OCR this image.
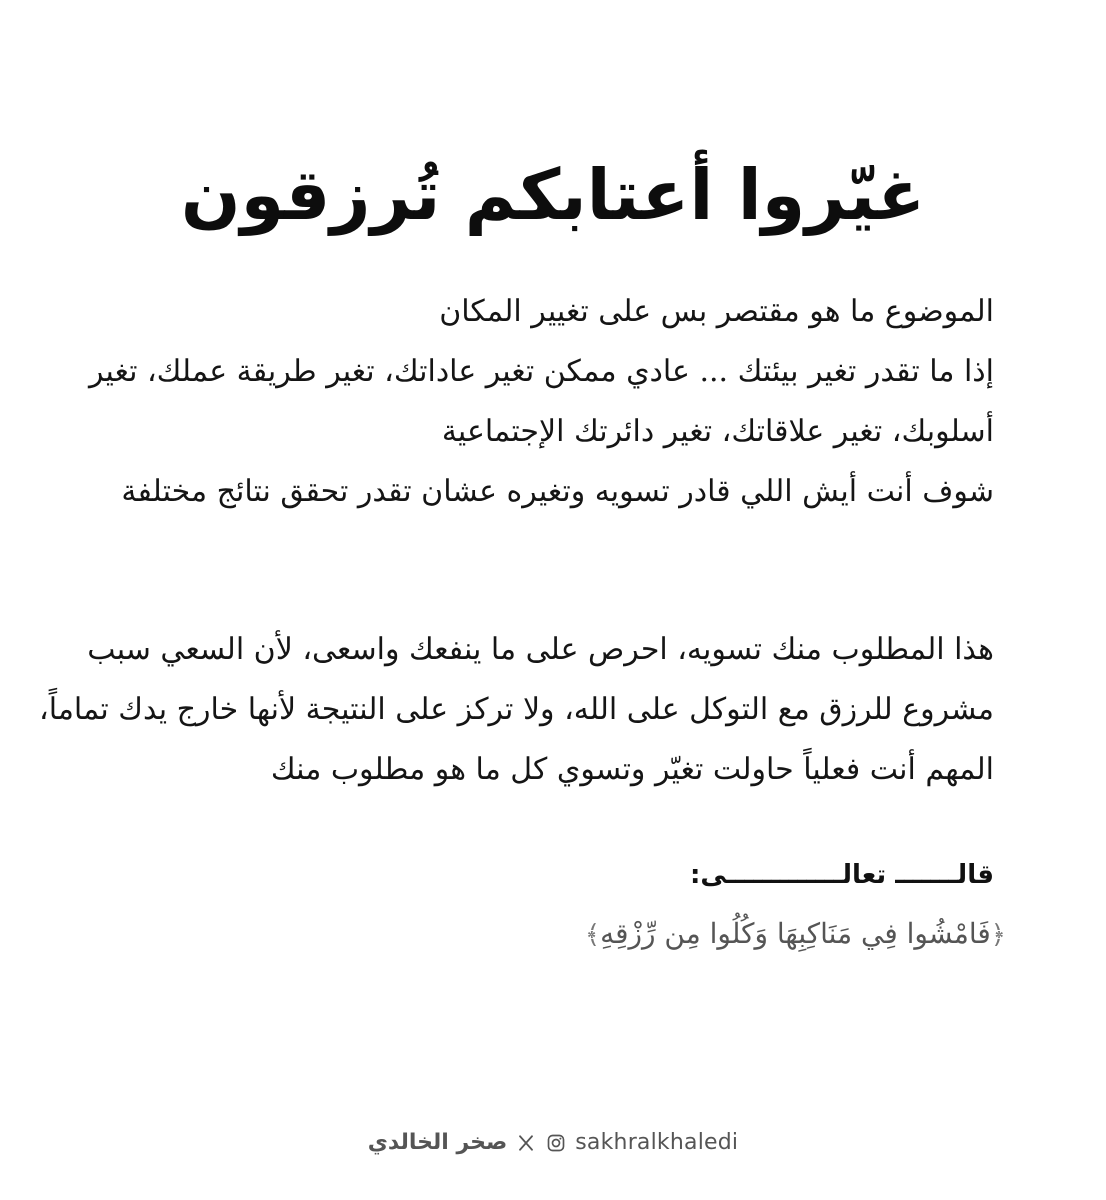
غيّروا أعتابكم تُرزقون

الموضوع ما هو مقتصر بس على تغيير المكان

إذا ما تقدر تغير بيئتك ... عادي ممكن تغير عاداتك، تغير طريقة عملك، تغير

أسلوبك، تغير علاقاتك، تغير دائرتك الإجتماعية

شوف أنت أيش اللي قادر تسويه وتغيره عشان تقدر تحقق نتائج مختلفة

هذا المطلوب منك تسويه، احرص على ما ينفعك واسعى، لأن السعي سبب

مشروع للرزق مع التوكل على الله، ولا تركز على النتيجة لأنها خارج يدك تماماً،

المهم أنت فعلياً حاولت تغيّر وتسوي كل ما هو مطلوب منك

قالـــــــ تعالـــــــــــــى:
﴿فَامْشُوا فِي مَنَاكِبِهَا وَكُلُوا مِن رِّزْقِهِ﴾
صخر الخالدي	sakhralkhaledi
